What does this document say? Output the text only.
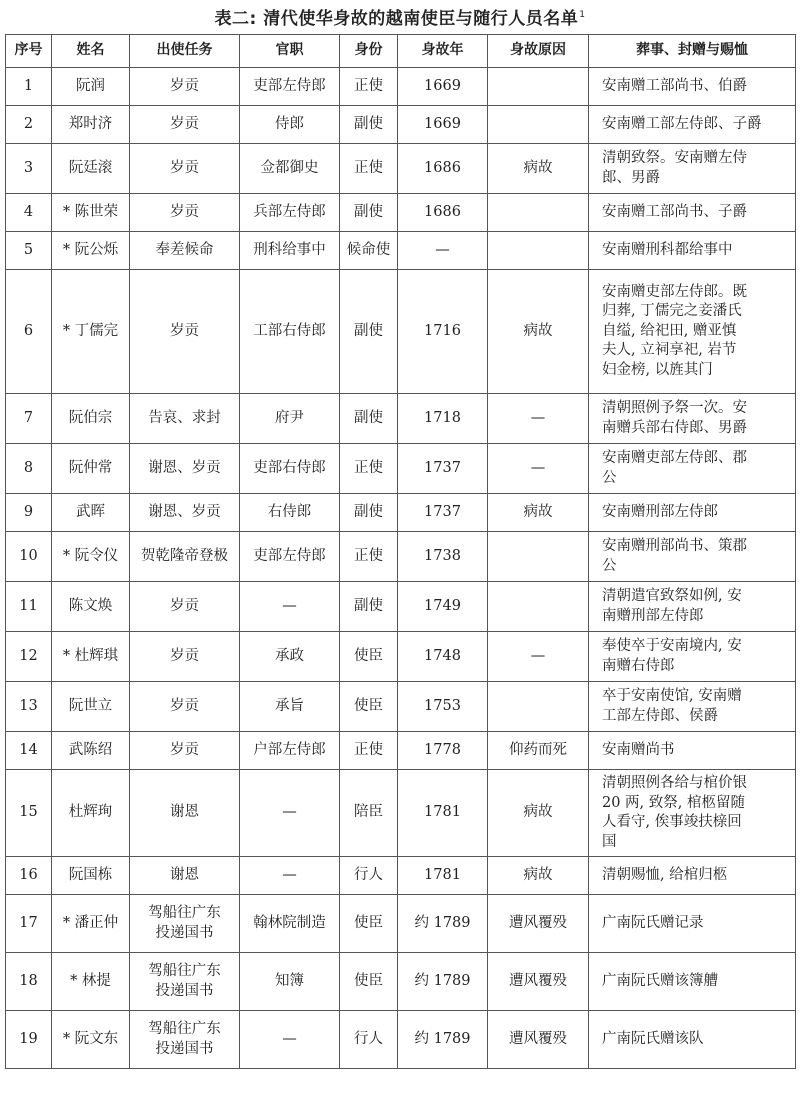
表二: 清代使华身故的越南使臣与随行人员名单$^1$
序号	姓名	出使任务	官职	身份	身故年	身故原因	葬事、封赠与赐恤
1	阮润	岁贡	吏部左侍郎	正使	1669		安南赠工部尚书、伯爵
2	郑时济	岁贡	侍郎	副使	1669		安南赠工部左侍郎、子爵
3	阮廷滚	岁贡	佥都御史	正使	1686	病故	清朝致祭。安南赠左侍
郎、男爵
4	* 陈世荣	岁贡	兵部左侍郎	副使	1686		安南赠工部尚书、子爵
5	* 阮公烁	奉差候命	刑科给事中	候命使	—		安南赠刑科都给事中
6	* 丁儒完	岁贡	工部右侍郎	副使	1716	病故	安南赠吏部左侍郎。既
归葬, 丁儒完之妾潘氏
自缢, 给祀田, 赠亚慎
夫人, 立祠享祀, 岩节
妇金榜, 以旌其门
7	阮伯宗	告哀、求封	府尹	副使	1718	—	清朝照例予祭一次。安
南赠兵部右侍郎、男爵
8	阮仲常	谢恩、岁贡	吏部右侍郎	正使	1737	—	安南赠吏部左侍郎、郡
公
9	武晖	谢恩、岁贡	右侍郎	副使	1737	病故	安南赠刑部左侍郎
10	* 阮令仪	贺乾隆帝登极	吏部左侍郎	正使	1738		安南赠刑部尚书、策郡
公
11	陈文焕	岁贡	—	副使	1749		清朝遣官致祭如例, 安
南赠刑部左侍郎
12	* 杜辉琪	岁贡	承政	使臣	1748	—	奉使卒于安南境内, 安
南赠右侍郎
13	阮世立	岁贡	承旨	使臣	1753		卒于安南使馆, 安南赠
工部左侍郎、侯爵
14	武陈绍	岁贡	户部左侍郎	正使	1778	仰药而死	安南赠尚书
15	杜辉珣	谢恩	—	陪臣	1781	病故	清朝照例各给与棺价银
20 两, 致祭, 棺柩留随
人看守, 俟事竣扶榇回
国
16	阮国栋	谢恩	—	行人	1781	病故	清朝赐恤, 给棺归柩
17	* 潘正仲	驾船往广东
投递国书	翰林院制造	使臣	约 1789	遭风覆殁	广南阮氏赠记录
18	* 林提	驾船往广东
投递国书	知簿	使臣	约 1789	遭风覆殁	广南阮氏赠该簿艚
19	* 阮文东	驾船往广东
投递国书	—	行人	约 1789	遭风覆殁	广南阮氏赠该队
